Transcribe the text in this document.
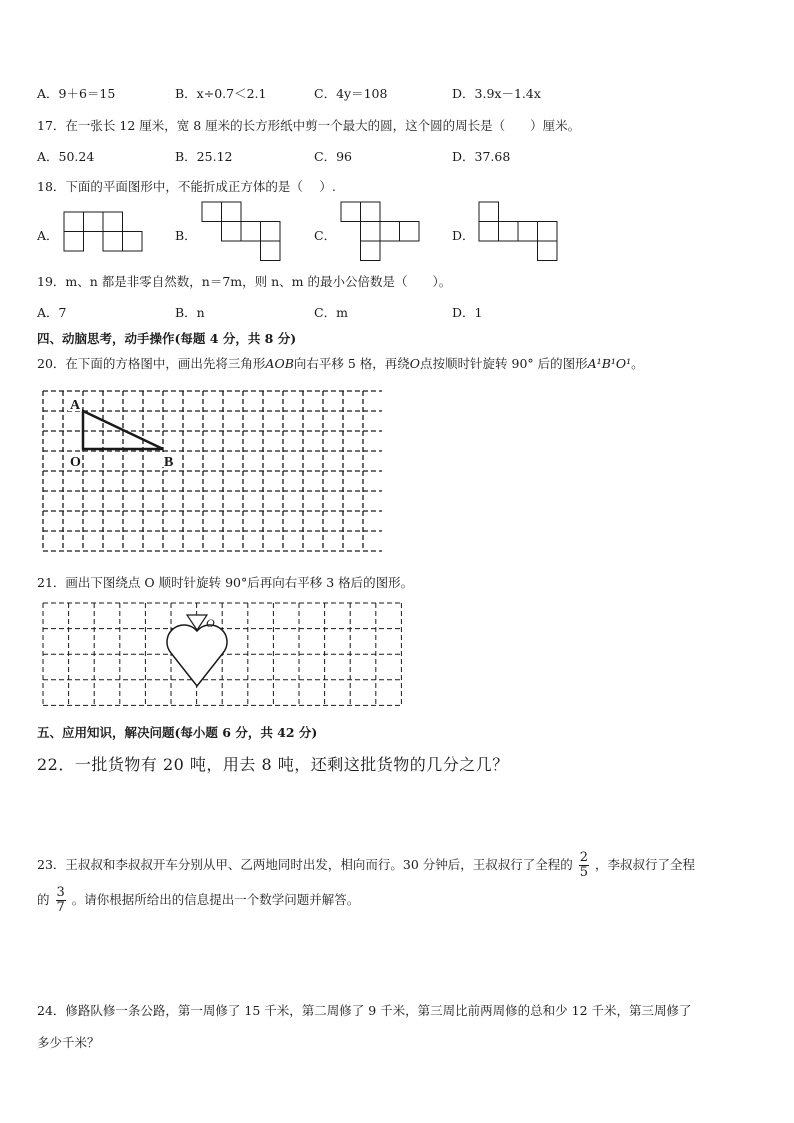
A．9＋6＝15	B．x÷0.7＜2.1	C．4y＝108	D．3.9x－1.4x
17．在一张长 12 厘米，宽 8 厘米的长方形纸中剪一个最大的圆，这个圆的周长是（　　）厘米。
A．50.24	B．25.12	C．96	D．37.68
18．下面的平面图形中，不能折成正方体的是（　 ）.
A．	B．	C．	D．
19．m、n 都是非零自然数，n＝7m，则 n、m 的最小公倍数是（　　）。
A．7	B．n	C．m	D．1
四、动脑思考，动手操作(每题 4 分，共 8 分)
20．在下面的方格图中，画出先将三角形AOB向右平移 5 格，再绕O点按顺时针旋转 90° 后的图形A¹B¹O¹。
A
O	B
21．画出下图绕点 O 顺时针旋转 90°后再向右平移 3 格后的图形。
O
五、应用知识，解决问题(每小题 6 分，共 42 分)
22．一批货物有 20 吨，用去 8 吨，还剩这批货物的几分之几？
23．王叔叔和李叔叔开车分别从甲、乙两地同时出发，相向而行。30 分钟后，王叔叔行了全程的 $\frac{2}{5}$ ，李叔叔行了全程
的 $\frac{3}{7}$ 。请你根据所给出的信息提出一个数学问题并解答。
24．修路队修一条公路，第一周修了 15 千米，第二周修了 9 千米，第三周比前两周修的总和少 12 千米，第三周修了
多少千米？
